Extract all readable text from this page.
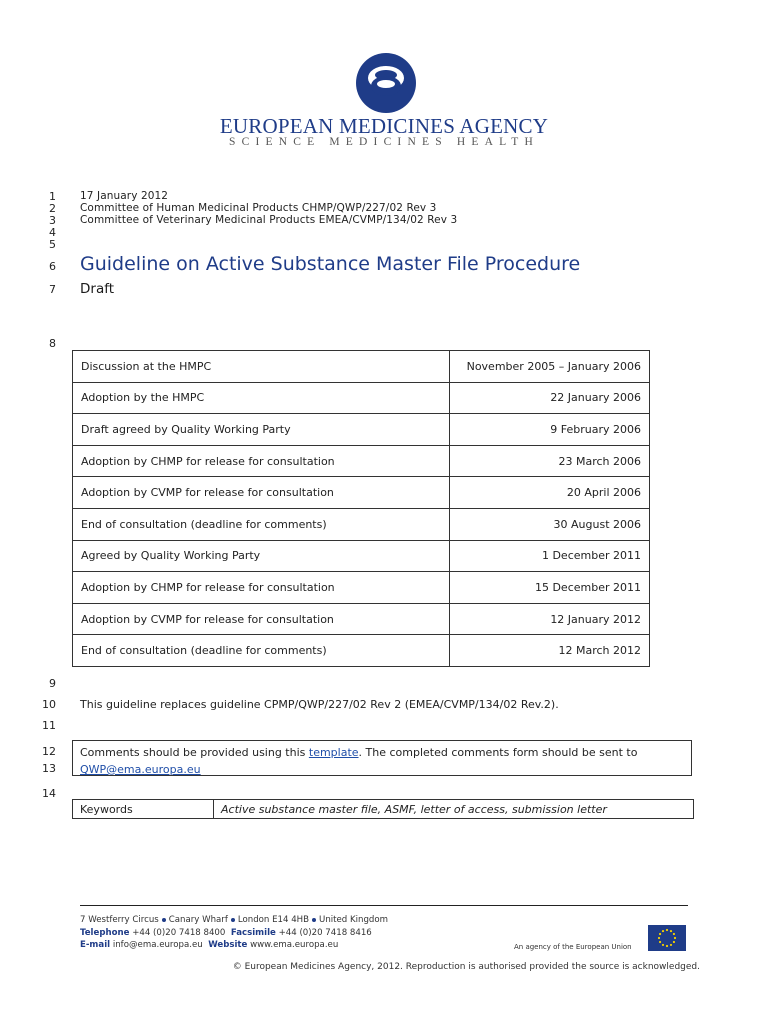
EUROPEAN MEDICINES AGENCY
SCIENCE MEDICINES HEALTH
1
2
3
4
5
6
7
8
9
10
11
12
13
14
17 January 2012
Committee of Human Medicinal Products CHMP/QWP/227/02 Rev 3
Committee of Veterinary Medicinal Products EMEA/CVMP/134/02 Rev 3
Guideline on Active Substance Master File Procedure
Draft
Discussion at the HMPC	November 2005 – January 2006
Adoption by the HMPC	22 January 2006
Draft agreed by Quality Working Party	9 February 2006
Adoption by CHMP for release for consultation	23 March 2006
Adoption by CVMP for release for consultation	20 April 2006
End of consultation (deadline for comments)	30 August 2006
Agreed by Quality Working Party	1 December 2011
Adoption by CHMP for release for consultation	15 December 2011
Adoption by CVMP for release for consultation	12 January 2012
End of consultation (deadline for comments)	12 March 2012
This guideline replaces guideline CPMP/QWP/227/02 Rev 2 (EMEA/CVMP/134/02 Rev.2).
Comments should be provided using this template. The completed comments form should be sent to
QWP@ema.europa.eu
Keywords	Active substance master file, ASMF, letter of access, submission letter
7 Westferry Circus Canary Wharf London E14 4HB United Kingdom
Telephone +44 (0)20 7418 8400 Facsimile +44 (0)20 7418 8416
E-mail info@ema.europa.eu Website www.ema.europa.eu	An agency of the European Union
© European Medicines Agency, 2012. Reproduction is authorised provided the source is acknowledged.
